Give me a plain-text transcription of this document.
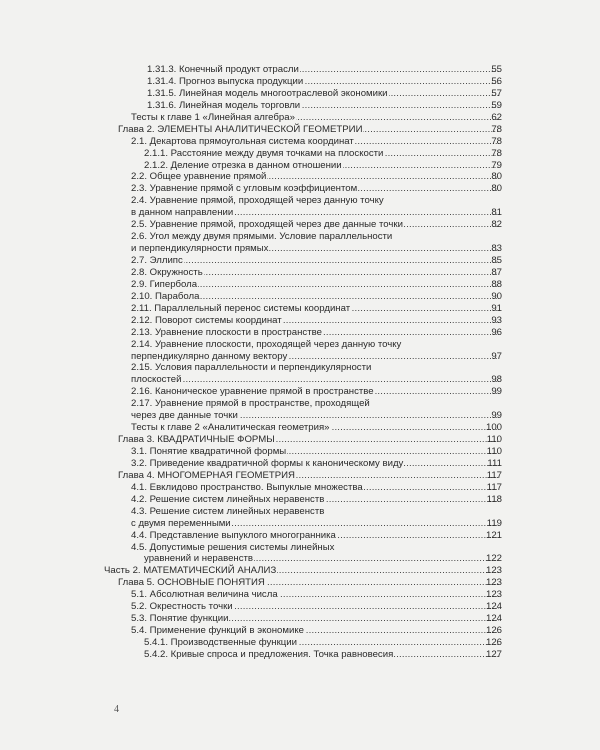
.....
1.31.3. Конечный продукт отрасли	55
.....
1.31.4. Прогноз выпуска продукции	56
.....
1.31.5. Линейная модель многоотраслевой экономики	57
.....
1.31.6. Линейная модель торговли	59
.....
Тесты к главе 1 «Линейная алгебра»	62
.....
Глава 2. ЭЛЕМЕНТЫ АНАЛИТИЧЕСКОЙ ГЕОМЕТРИИ	78
.....
2.1. Декартова прямоугольная система координат	78
.....
2.1.1. Расстояние между двумя точками на плоскости	78
.....
2.1.2. Деление отрезка в данном отношении	79
.....
2.2. Общее уравнение прямой	80
.....
2.3. Уравнение прямой с угловым коэффициентом	80
2.4. Уравнение прямой, проходящей через данную точку
.....
в данном направлении	81
.....
2.5. Уравнение прямой, проходящей через две данные точки	82
2.6. Угол между двумя прямыми. Условие параллельности
.....
и перпендикулярности прямых	83
.....
2.7. Эллипс	85
.....
2.8. Окружность	87
.....
2.9. Гипербола	88
.....
2.10. Парабола	90
.....
2.11. Параллельный перенос системы координат	91
.....
2.12. Поворот системы координат	93
.....
2.13. Уравнение плоскости в пространстве	96
2.14. Уравнение плоскости, проходящей через данную точку
.....
перпендикулярно данному вектору	97
2.15. Условия параллельности и перпендикулярности
.....
плоскостей	98
.....
2.16. Каноническое уравнение прямой в пространстве	99
2.17. Уравнение прямой в пространстве, проходящей
.....
через две данные точки	99
.....
Тесты к главе 2 «Аналитическая геометрия»	100
.....
Глава 3. КВАДРАТИЧНЫЕ ФОРМЫ	110
.....
3.1. Понятие квадратичной формы	110
.....
3.2. Приведение квадратичной формы к каноническому виду	111
.....
Глава 4. МНОГОМЕРНАЯ ГЕОМЕТРИЯ	117
.....
4.1. Евклидово пространство. Выпуклые множества	117
.....
4.2. Решение систем линейных неравенств	118
4.3. Решение систем линейных неравенств
.....
с двумя переменными	119
.....
4.4. Представление выпуклого многогранника	121
4.5. Допустимые решения системы линейных
.....
уравнений и неравенств	122
.....
Часть 2. МАТЕМАТИЧЕСКИЙ АНАЛИЗ	123
.....
Глава 5. ОСНОВНЫЕ ПОНЯТИЯ	123
.....
5.1. Абсолютная величина числа	123
.....
5.2. Окрестность точки	124
.....
5.3. Понятие функции	124
.....
5.4. Применение функций в экономике	126
.....
5.4.1. Производственные функции	126
.....
5.4.2. Кривые спроса и предложения. Точка равновесия	127
4
